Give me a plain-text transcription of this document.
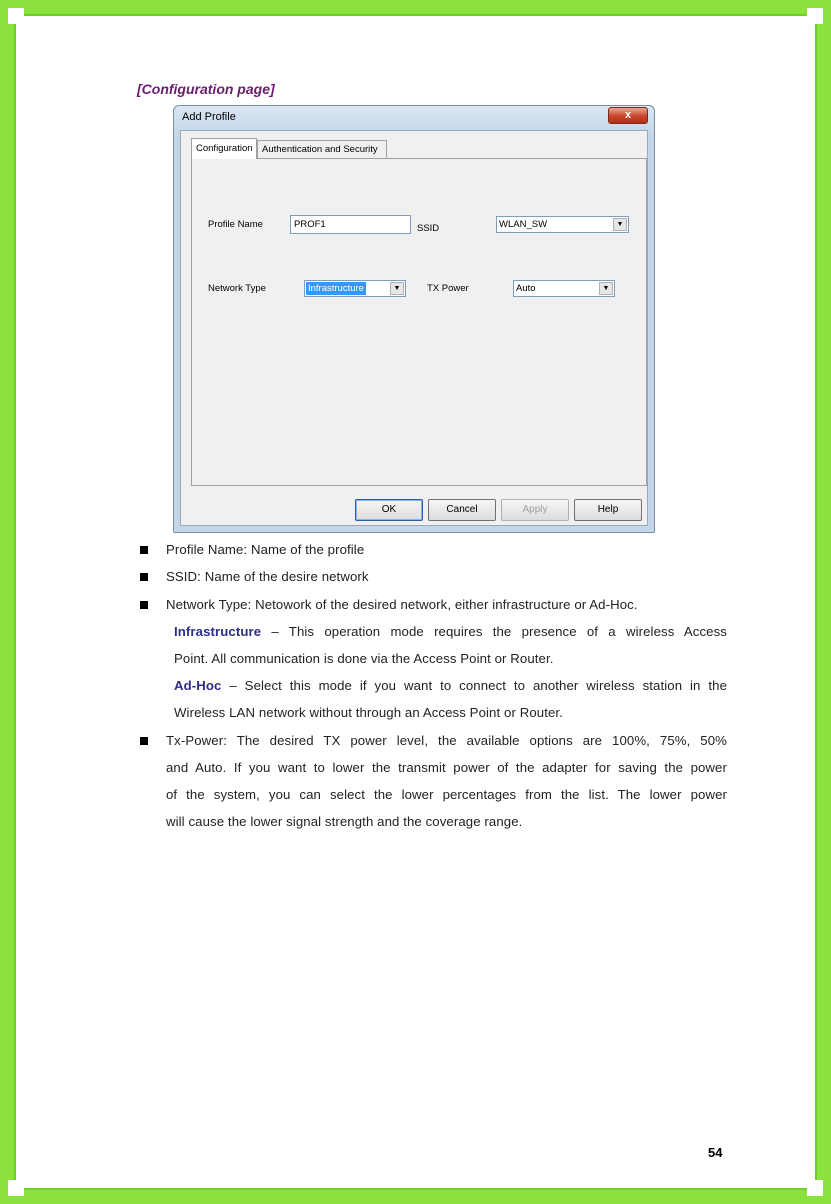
[Configuration page]
Add Profile	x
Configuration Authentication and Security
Profile Name	PROF1	SSID	WLAN_SW	▼
Network Type	Infrastructure	▼	TX Power	Auto	▼
OK	Cancel	Apply	Help
Profile Name: Name of the profile
SSID: Name of the desire network
Network Type: Netowork of the desired network, either infrastructure or Ad-Hoc.
Infrastructure – This operation mode requires the presence of a wireless Access
Point. All communication is done via the Access Point or Router.
Ad-Hoc – Select this mode if you want to connect to another wireless station in the
Wireless LAN network without through an Access Point or Router.
Tx-Power: The desired TX power level, the available options are 100%, 75%, 50%
and Auto. If you want to lower the transmit power of the adapter for saving the power
of the system, you can select the lower percentages from the list. The lower power
will cause the lower signal strength and the coverage range.
54
